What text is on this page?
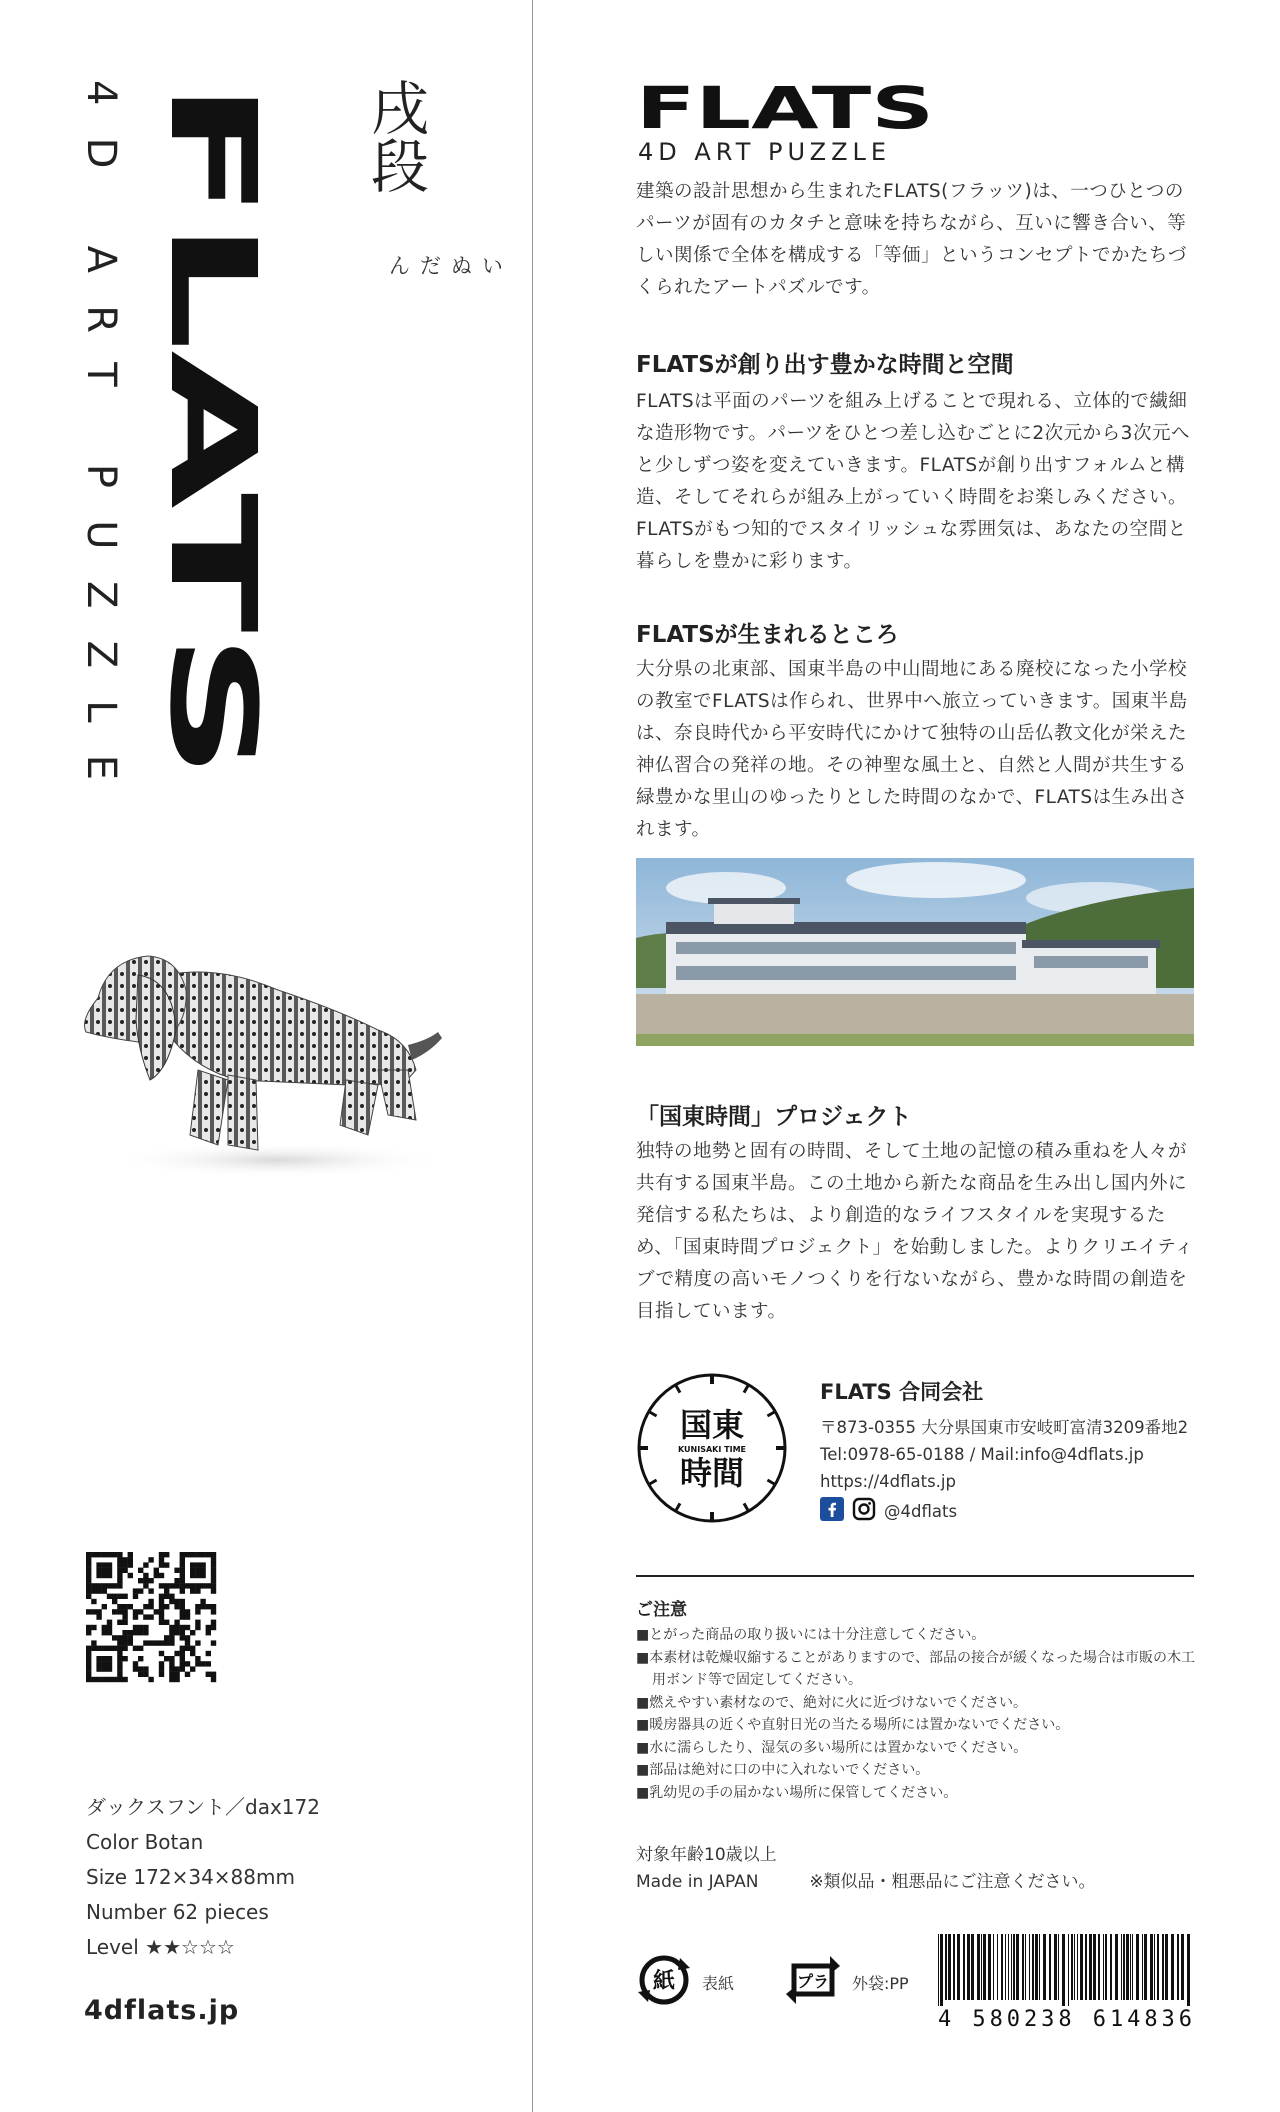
FLATS
4D ART PUZZLE
戌段
いぬだん
ダックスフント／dax172
Color Botan
Size 172×34×88mm
Number 62 pieces
Level ★★☆☆☆
4dflats.jp
FLATS
4D ART PUZZLE
建築の設計思想から生まれたFLATS(フラッツ)は、一つひとつのパーツが固有のカタチと意味を持ちながら、互いに響き合い、等しい関係で全体を構成する「等価」というコンセプトでかたちづくられたアートパズルです。
FLATSが創り出す豊かな時間と空間
FLATSは平面のパーツを組み上げることで現れる、立体的で繊細な造形物です。パーツをひとつ差し込むごとに2次元から3次元へと少しずつ姿を変えていきます。FLATSが創り出すフォルムと構造、そしてそれらが組み上がっていく時間をお楽しみください。FLATSがもつ知的でスタイリッシュな雰囲気は、あなたの空間と暮らしを豊かに彩ります。
FLATSが生まれるところ
大分県の北東部、国東半島の中山間地にある廃校になった小学校の教室でFLATSは作られ、世界中へ旅立っていきます。国東半島は、奈良時代から平安時代にかけて独特の山岳仏教文化が栄えた神仏習合の発祥の地。その神聖な風土と、自然と人間が共生する緑豊かな里山のゆったりとした時間のなかで、FLATSは生み出されます。
「国東時間」プロジェクト
独特の地勢と固有の時間、そして土地の記憶の積み重ねを人々が共有する国東半島。この土地から新たな商品を生み出し国内外に発信する私たちは、より創造的なライフスタイルを実現するため、「国東時間プロジェクト」を始動しました。よりクリエイティブで精度の高いモノつくりを行ないながら、豊かな時間の創造を目指しています。
国東
KUNISAKI TIME
時間
FLATS 合同会社
〒873-0355 大分県国東市安岐町富清3209番地2
Tel:0978-65-0188 / Mail:info@4dflats.jp
https://4dflats.jp
@4dflats
ご注意
■とがった商品の取り扱いには十分注意してください。
■本素材は乾燥収縮することがありますので、部品の接合が緩くなった場合は市販の木工用ボンド等で固定してください。
■燃えやすい素材なので、絶対に火に近づけないでください。
■暖房器具の近くや直射日光の当たる場所には置かないでください。
■水に濡らしたり、湿気の多い場所には置かないでください。
■部品は絶対に口の中に入れないでください。
■乳幼児の手の届かない場所に保管してください。
対象年齢10歳以上
Made in JAPAN	※類似品・粗悪品にご注意ください。
紙 表紙	プラ 外袋:PP
4 580238 614836
